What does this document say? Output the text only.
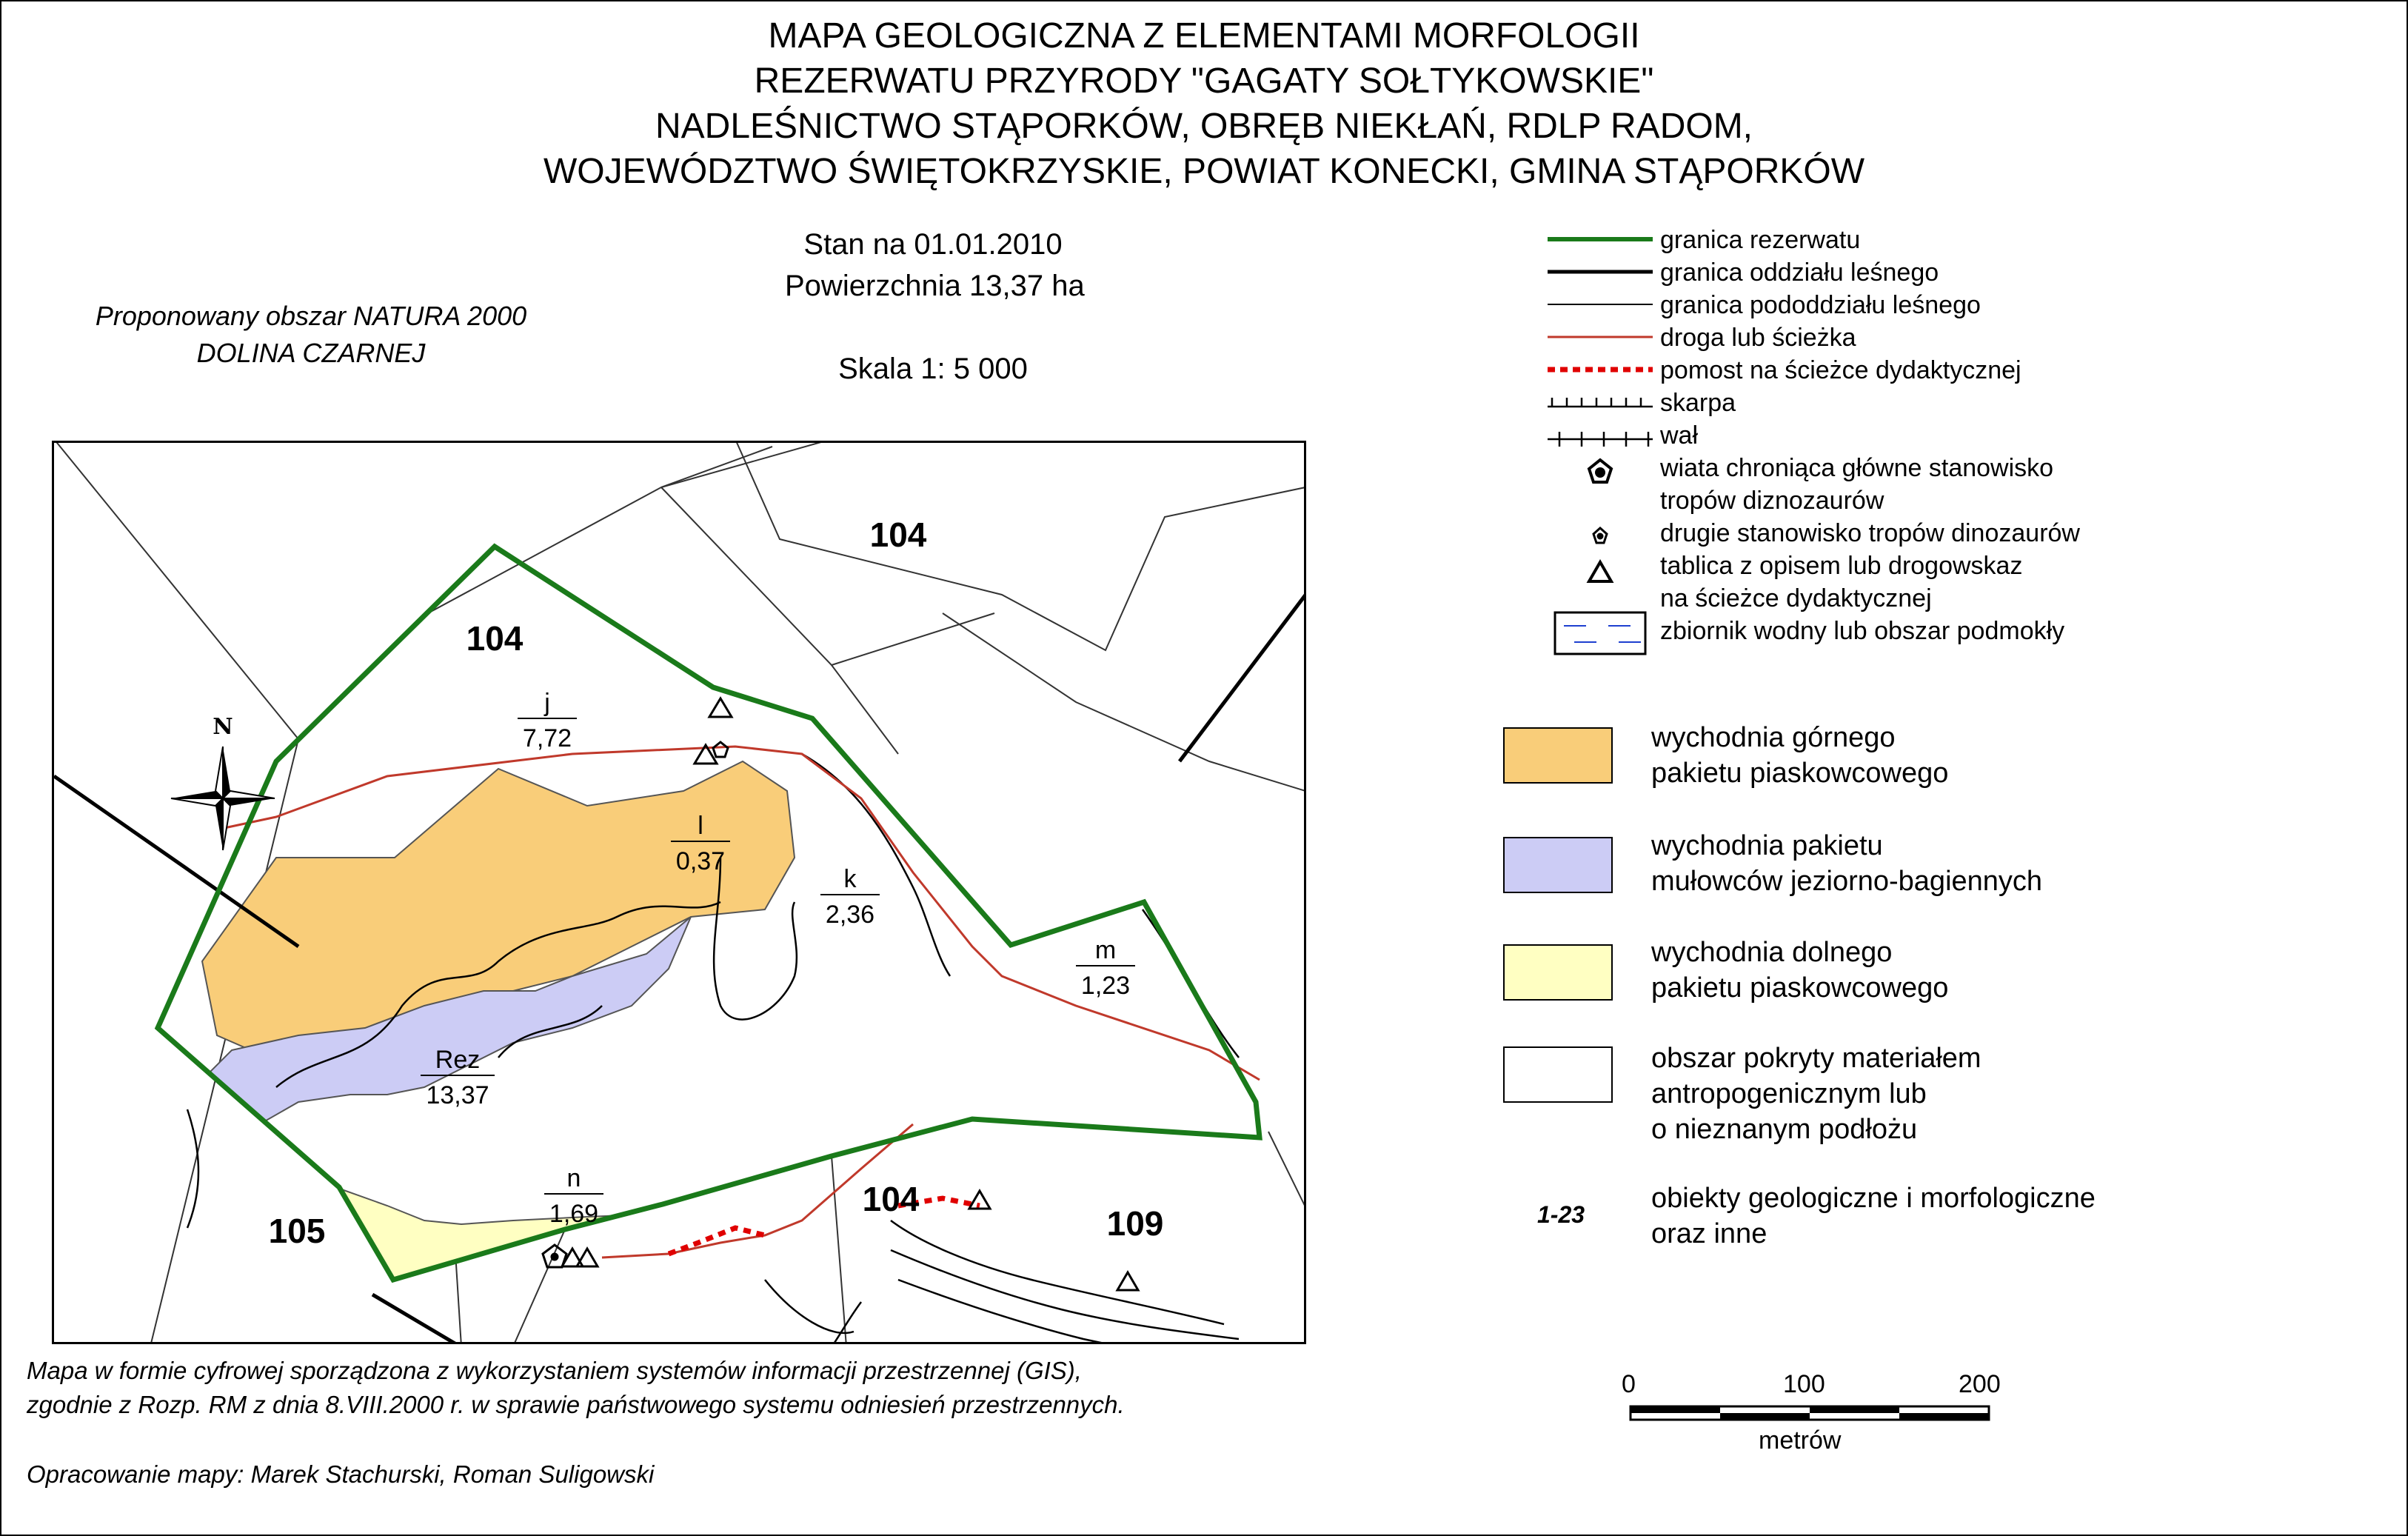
MAPA GEOLOGICZNA Z ELEMENTAMI MORFOLOGII
REZERWATU PRZYRODY "GAGATY SOŁTYKOWSKIE"
NADLEŚNICTWO STĄPORKÓW, OBRĘB NIEKŁAŃ, RDLP RADOM,
WOJEWÓDZTWO ŚWIĘTOKRZYSKIE, POWIAT KONECKI, GMINA STĄPORKÓW
Stan na 01.01.2010
Powierzchnia 13,37 ha
Skala 1: 5 000
Proponowany obszar NATURA 2000
DOLINA CZARNEJ
N
104
104
104
105	109
j
7,72
l
0,37
k
2,36
m
1,23
Rez
13,37
n
1,69
granica rezerwatu
granica oddziału leśnego
granica pododdziału leśnego
droga lub ścieżka
pomost na ścieżce dydaktycznej
skarpa
wał
wiata chroniąca główne stanowisko
tropów diznozaurów
drugie stanowisko tropów dinozaurów
tablica z opisem lub drogowskaz
na ścieżce dydaktycznej
zbiornik wodny lub obszar podmokły
wychodnia górnego
pakietu piaskowcowego
wychodnia pakietu
mułowców jeziorno-bagiennych
wychodnia dolnego
pakietu piaskowcowego
obszar pokryty materiałem
antropogenicznym lub
o nieznanym podłożu
1-23
obiekty geologiczne i morfologiczne
oraz inne
0	100	200
metrów
Mapa w formie cyfrowej sporządzona z wykorzystaniem systemów informacji przestrzennej (GIS),
zgodnie z Rozp. RM z dnia 8.VIII.2000 r. w sprawie państwowego systemu odniesień przestrzennych.
Opracowanie mapy: Marek Stachurski, Roman Suligowski
